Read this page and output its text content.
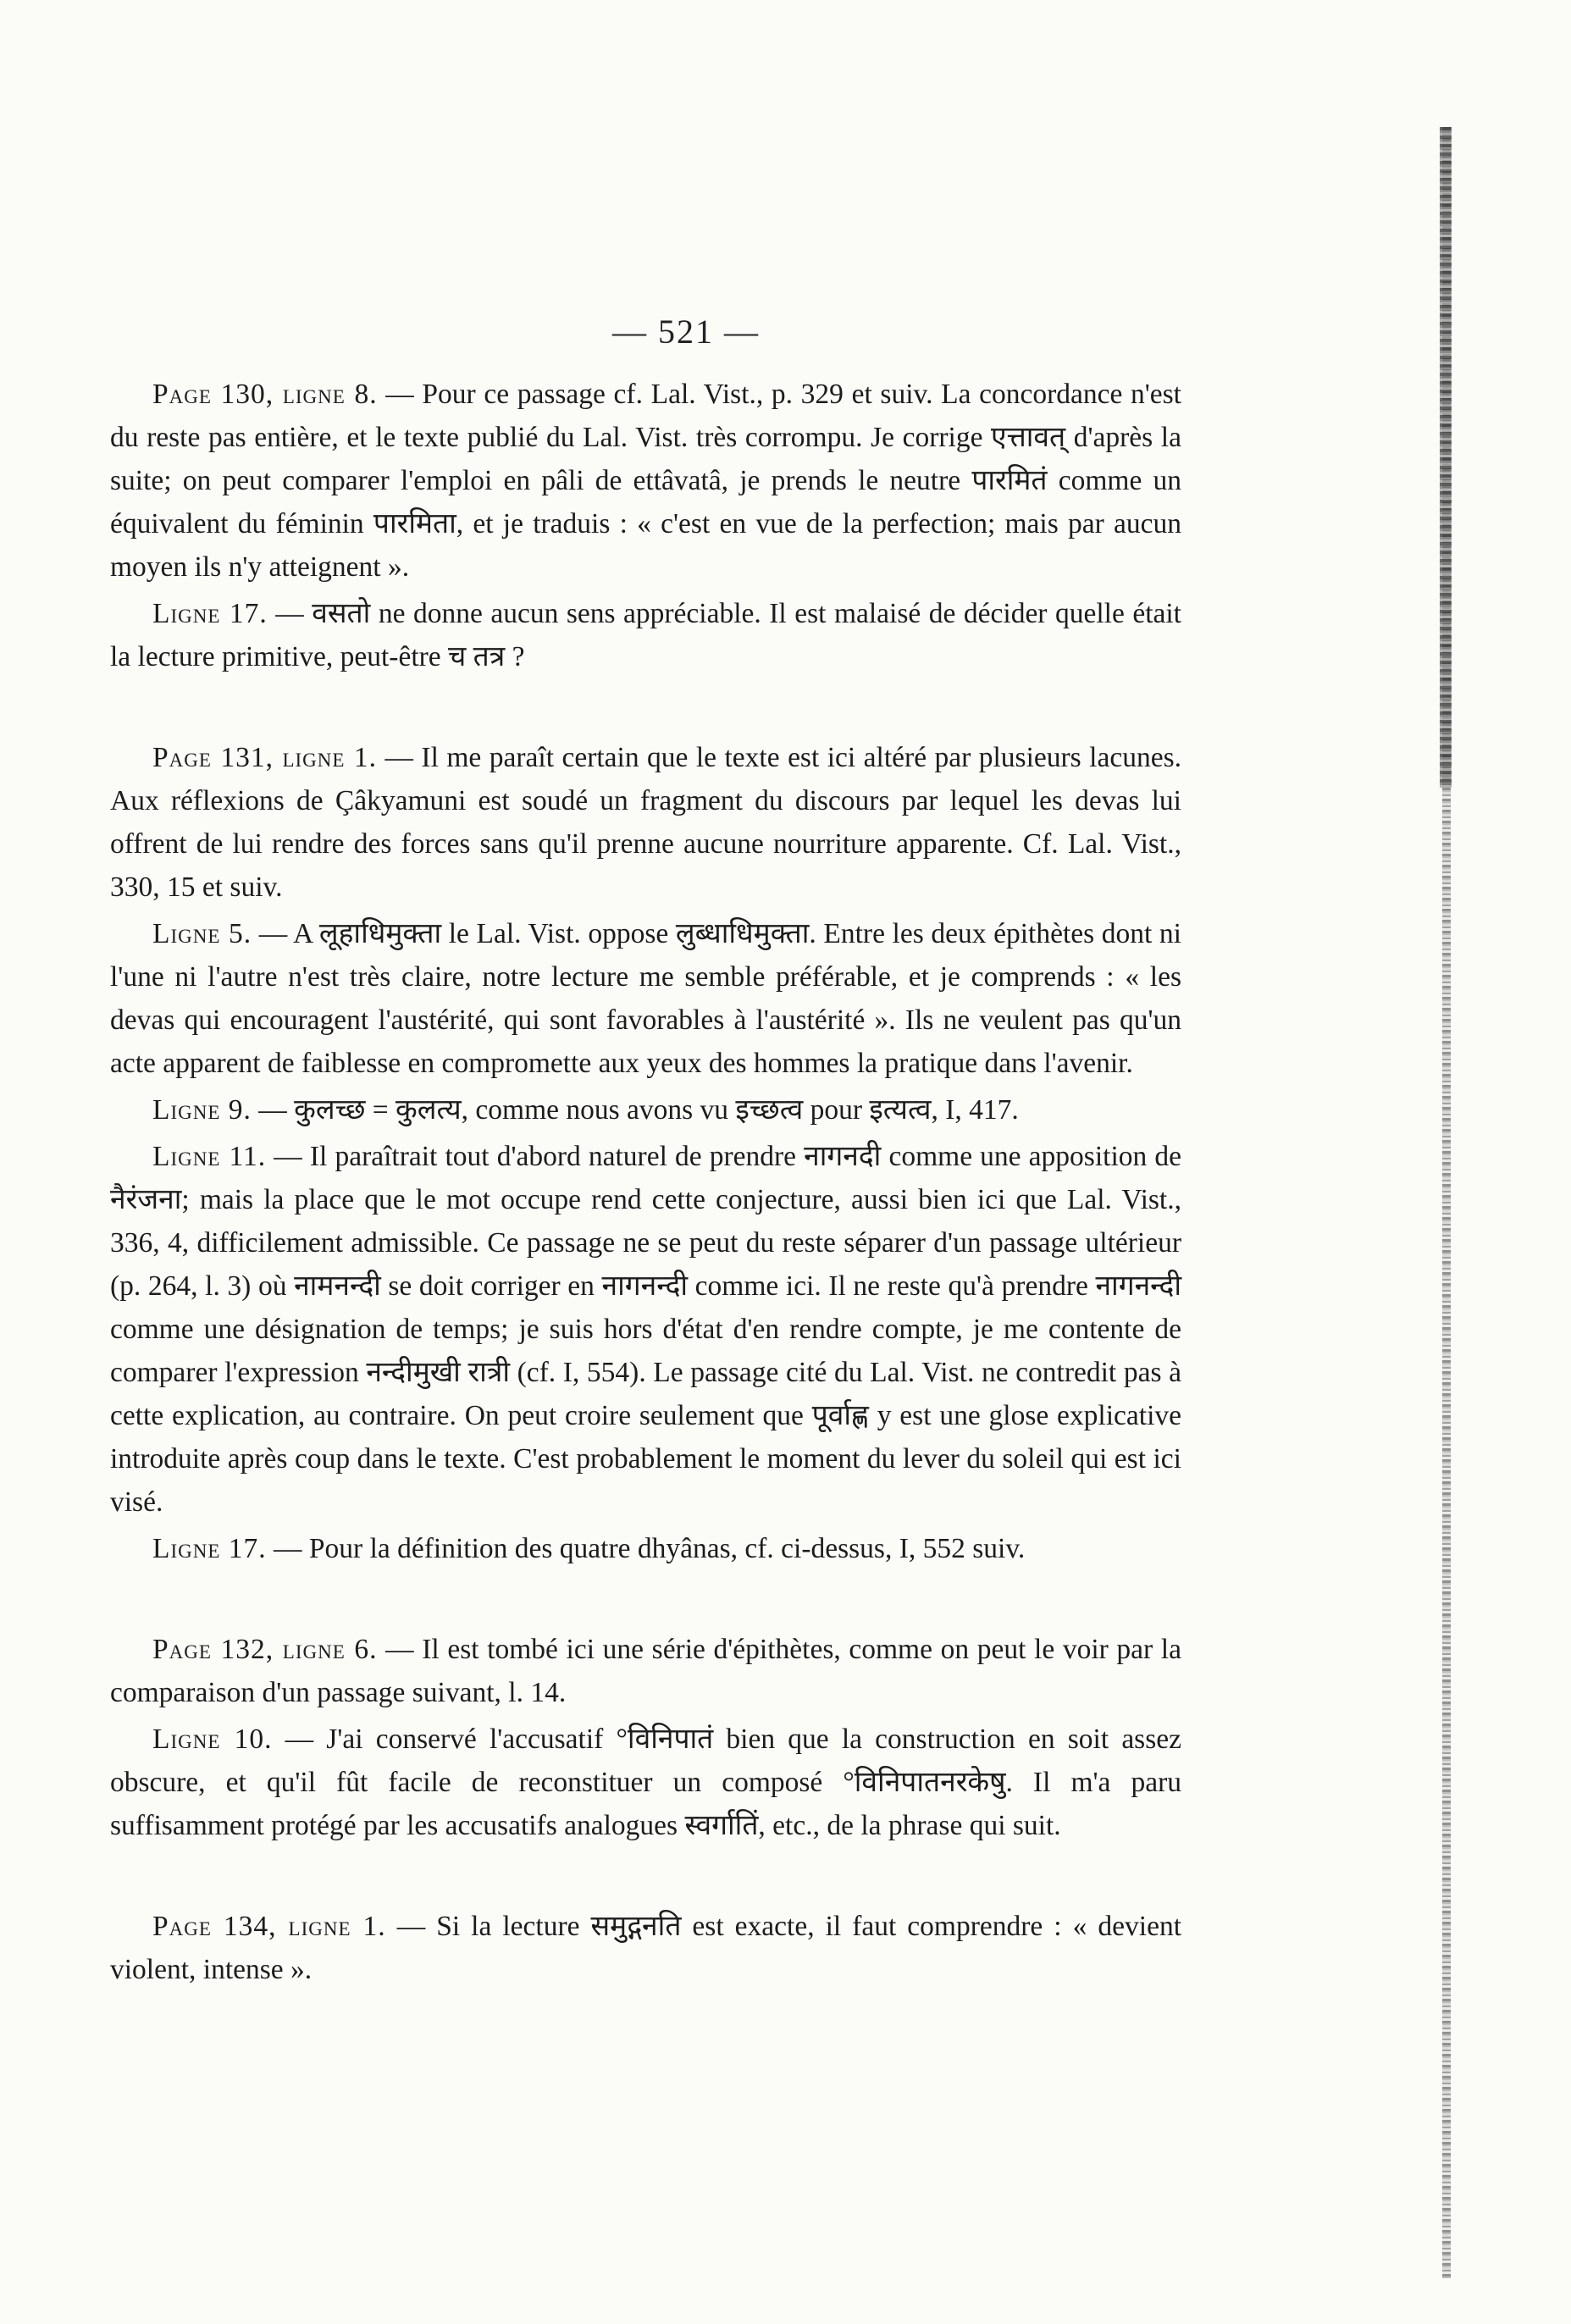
— 521 —

Page 130, ligne 8. — Pour ce passage cf. Lal. Vist., p. 329 et suiv. La concordance n'est du reste pas entière, et le texte publié du Lal. Vist. très corrompu. Je corrige एत्तावत् d'après la suite; on peut comparer l'emploi en pâli de ettâvatâ, je prends le neutre पारमितं comme un équivalent du féminin पारमिता, et je traduis : « c'est en vue de la perfection; mais par aucun moyen ils n'y atteignent ».

Ligne 17. — वसतो ne donne aucun sens appréciable. Il est malaisé de décider quelle était la lecture primitive, peut-être च तत्र ?

Page 131, ligne 1. — Il me paraît certain que le texte est ici altéré par plusieurs lacunes. Aux réflexions de Çâkyamuni est soudé un fragment du discours par lequel les devas lui offrent de lui rendre des forces sans qu'il prenne aucune nourriture apparente. Cf. Lal. Vist., 330, 15 et suiv.

Ligne 5. — A लूहाधिमुक्ता le Lal. Vist. oppose लुब्धाधिमुक्ता. Entre les deux épithètes dont ni l'une ni l'autre n'est très claire, notre lecture me semble préférable, et je comprends : « les devas qui encouragent l'austérité, qui sont favorables à l'austérité ». Ils ne veulent pas qu'un acte apparent de faiblesse en compromette aux yeux des hommes la pratique dans l'avenir.

Ligne 9. — कुलच्छ = कुलत्य, comme nous avons vu इच्छत्व pour इत्यत्व, I, 417.

Ligne 11. — Il paraîtrait tout d'abord naturel de prendre नागनदी comme une apposition de नैरंजना; mais la place que le mot occupe rend cette conjecture, aussi bien ici que Lal. Vist., 336, 4, difficilement admissible. Ce passage ne se peut du reste séparer d'un passage ultérieur (p. 264, l. 3) où नामनन्दी se doit corriger en नागनन्दी comme ici. Il ne reste qu'à prendre नागनन्दी comme une désignation de temps; je suis hors d'état d'en rendre compte, je me contente de comparer l'expression नन्दीमुखी रात्री (cf. I, 554). Le passage cité du Lal. Vist. ne contredit pas à cette explication, au contraire. On peut croire seulement que पूर्वाह्ण y est une glose explicative introduite après coup dans le texte. C'est probablement le moment du lever du soleil qui est ici visé.

Ligne 17. — Pour la définition des quatre dhyânas, cf. ci-dessus, I, 552 suiv.

Page 132, ligne 6. — Il est tombé ici une série d'épithètes, comme on peut le voir par la comparaison d'un passage suivant, l. 14.

Ligne 10. — J'ai conservé l'accusatif °विनिपातं bien que la construction en soit assez obscure, et qu'il fût facile de reconstituer un composé °विनिपातनरकेषु. Il m'a paru suffisamment protégé par les accusatifs analogues स्वर्गातिं, etc., de la phrase qui suit.

Page 134, ligne 1. — Si la lecture समुद्गनति est exacte, il faut comprendre : « devient violent, intense ».
